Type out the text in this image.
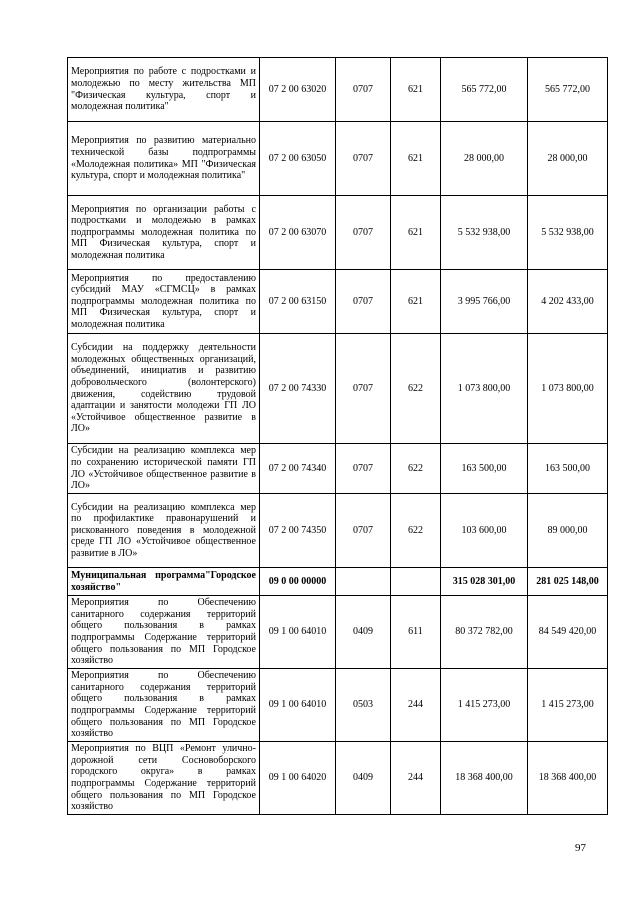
Мероприятия по работе с подростками и молодежью по месту жительства МП "Физическая культура, спорт и молодежная политика"	07 2 00 63020	0707	621	565 772,00	565 772,00
Мероприятия по развитию материально технической базы подпрограммы «Молодежная политика» МП "Физическая культура, спорт и молодежная политика"	07 2 00 63050	0707	621	28 000,00	28 000,00
Мероприятия по организации работы с подростками и молодежью в рамках подпрограммы молодежная политика по МП Физическая культура, спорт и молодежная политика	07 2 00 63070	0707	621	5 532 938,00	5 532 938,00
Мероприятия по предоставлению субсидий МАУ «СГМСЦ» в рамках подпрограммы молодежная политика по МП Физическая культура, спорт и молодежная политика	07 2 00 63150	0707	621	3 995 766,00	4 202 433,00
Субсидии на поддержку деятельности молодежных общественных организаций, объединений, инициатив и развитию добровольческого (волонтерского) движения, содействию трудовой адаптации и занятости молодежи ГП ЛО «Устойчивое общественное развитие в ЛО»	07 2 00 74330	0707	622	1 073 800,00	1 073 800,00
Субсидии на реализацию комплекса мер по сохранению исторической памяти ГП ЛО «Устойчивое общественное развитие в ЛО»	07 2 00 74340	0707	622	163 500,00	163 500,00
Субсидии на реализацию комплекса мер по профилактике правонарушений и рискованного поведения в молодежной среде ГП ЛО «Устойчивое общественное развитие в ЛО»	07 2 00 74350	0707	622	103 600,00	89 000,00
Муниципальная программа"Городское хозяйство"	09 0 00 00000			315 028 301,00	281 025 148,00
Мероприятия по Обеспечению санитарного содержания территорий общего пользования в рамках подпрограммы Содержание территорий общего пользования по МП Городское хозяйство	09 1 00 64010	0409	611	80 372 782,00	84 549 420,00
Мероприятия по Обеспечению санитарного содержания территорий общего пользования в рамках подпрограммы Содержание территорий общего пользования по МП Городское хозяйство	09 1 00 64010	0503	244	1 415 273,00	1 415 273,00
Мероприятия по ВЦП «Ремонт улично-дорожной сети Сосновоборского городского округа» в рамках подпрограммы Содержание территорий общего пользования по МП Городское хозяйство	09 1 00 64020	0409	244	18 368 400,00	18 368 400,00
97
